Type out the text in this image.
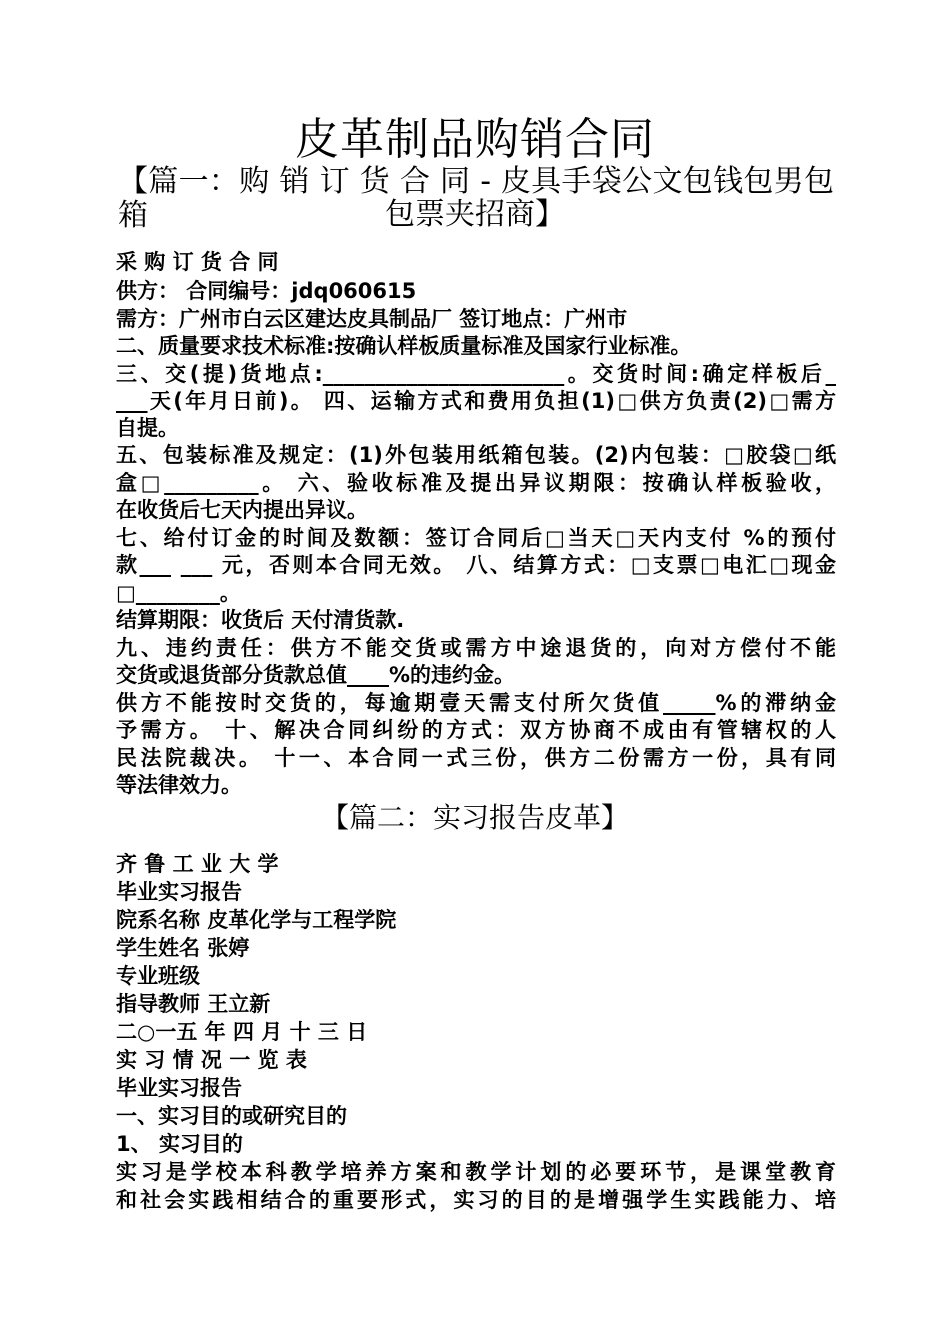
皮革制品购销合同
【篇一：购 销 订 货 合 同 - 皮具手袋公文包钱包男包箱	包票夹招商】
采 购 订 货 合 同
供方： 合同编号：jdq060615
需方：广州市白云区建达皮具制品厂 签订地点：广州市
二、质量要求技术标准:按确认样板质量标准及国家行业标准。
三、交(提)货地点:_______________________。交货时间:确定样板后_
___天(年月日前)。 四、运输方式和费用负担(1)□供方负责(2)□需方
自提。
五、包装标准及规定：(1)外包装用纸箱包装。(2)内包装：□胶袋□纸
盒□_________。 六、验收标准及提出异议期限：按确认样板验收，
在收货后七天内提出异议。
七、给付订金的时间及数额：签订合同后□当天□天内支付 %的预付
款___ ___ 元，否则本合同无效。 八、结算方式：□支票□电汇□现金
□________。
结算期限：收货后 天付清货款.
九、违约责任：供方不能交货或需方中途退货的，向对方偿付不能
交货或退货部分货款总值____%的违约金。
供方不能按时交货的，每逾期壹天需支付所欠货值_____%的滞纳金
予需方。 十、解决合同纠纷的方式：双方协商不成由有管辖权的人
民法院裁决。 十一、本合同一式三份，供方二份需方一份，具有同
等法律效力。
【篇二：实习报告皮革】
齐 鲁 工 业 大 学
毕业实习报告
院系名称 皮革化学与工程学院
学生姓名 张婷
专业班级
指导教师 王立新
二○一五 年 四 月 十 三 日
实 习 情 况 一 览 表
毕业实习报告
一、实习目的或研究目的
1、 实习目的
实习是学校本科教学培养方案和教学计划的必要环节，是课堂教育
和社会实践相结合的重要形式，实习的目的是增强学生实践能力、培
